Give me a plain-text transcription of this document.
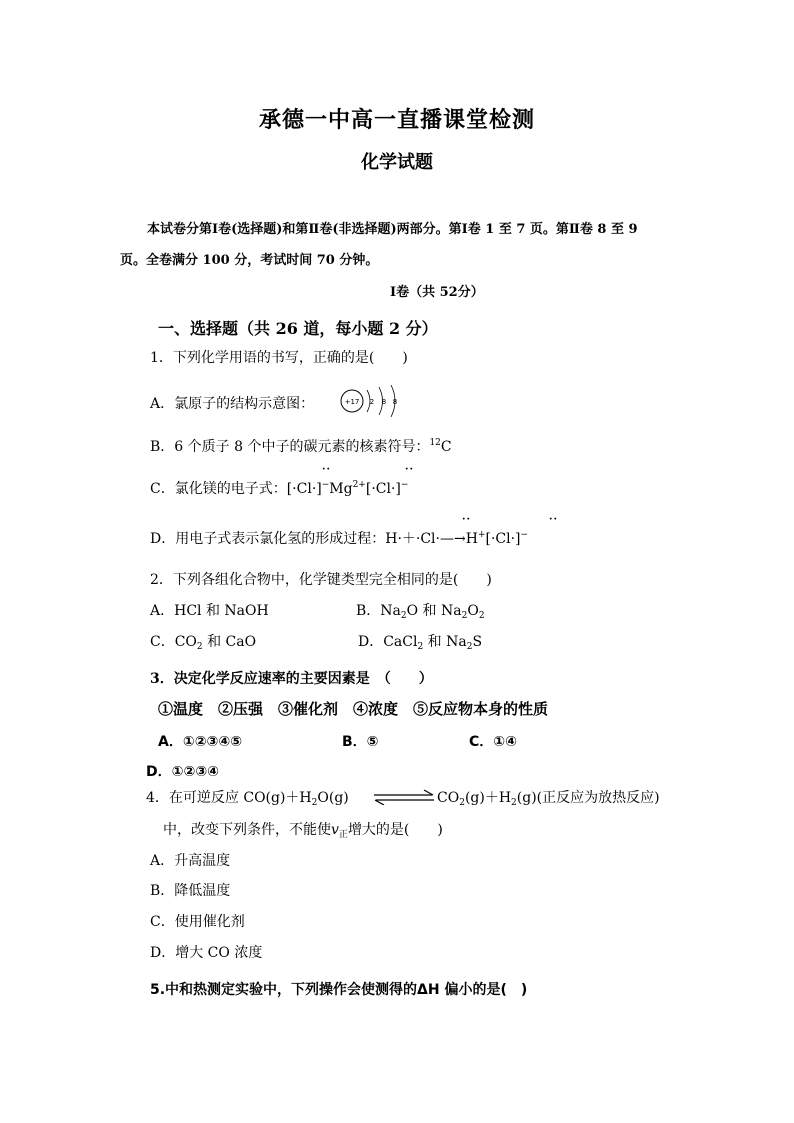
承德一中高一直播课堂检测
化学试题
本试卷分第Ⅰ卷(选择题)和第Ⅱ卷(非选择题)两部分。第Ⅰ卷 1 至 7 页。第Ⅱ卷 8 至 9
页。全卷满分 100 分，考试时间 70 分钟。
Ⅰ卷（共 52分）
一、选择题（共 26 道，每小题 2 分）
1．下列化学用语的书写，正确的是(　　)
A．氯原子的结构示意图：	+17 2 8 8
B．6 个质子 8 个中子的碳元素的核素符号：$^{12}$C
··	··
C．氯化镁的电子式：$[\cdot Cl\cdot]^-Mg^{2+}[\cdot Cl\cdot]^-$
··	··
D．用电子式表示氯化氢的形成过程：H·＋·Cl·—→H+[·Cl·]−
2．下列各组化合物中，化学键类型完全相同的是(　　)
A．HCl 和 NaOH	B．$Na_2O$ 和 $Na_2O_2$
C．$CO_2$ 和 CaO	D．CaCl$_2$ 和 $Na_2S$
3．决定化学反应速率的主要因素是　（　　）
①温度　②压强　③催化剂　④浓度　⑤反应物本身的性质
A．①②③④⑤	B．⑤	C．①④
D．①②③④
4．在可逆反应 $CO(g)+H_2O(g)$ ⇌ $CO_2(g)+H_2(g)$(正反应为放热反应)
中，改变下列条件，不能使$v_正$增大的是(　　)
A．升高温度
B．降低温度
C．使用催化剂
D．增大 CO 浓度
5.中和热测定实验中，下列操作会使测得的ΔH 偏小的是(　)
